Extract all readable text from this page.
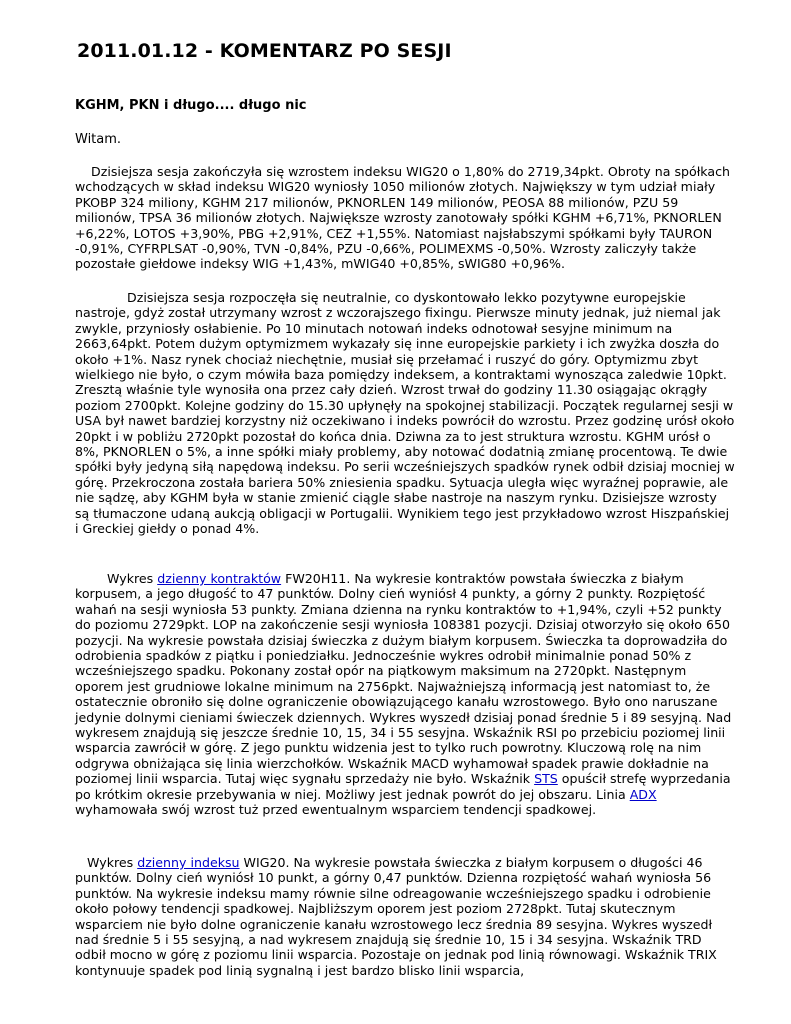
2011.01.12 - KOMENTARZ PO SESJI

KGHM, PKN i długo.... długo nic

Witam.

Dzisiejsza sesja zakończyła się wzrostem indeksu WIG20 o 1,80% do 2719,34pkt. Obroty na spółkach wchodzących w skład indeksu WIG20 wyniosły 1050 milionów złotych. Największy w tym udział miały PKOBP 324 miliony, KGHM 217 milionów, PKNORLEN 149 milionów, PEOSA 88 milionów, PZU 59 milionów, TPSA 36 milionów złotych. Największe wzrosty zanotowały spółki KGHM +6,71%, PKNORLEN +6,22%, LOTOS +3,90%, PBG +2,91%, CEZ +1,55%. Natomiast najsłabszymi spółkami były TAURON -0,91%, CYFRPLSAT -0,90%, TVN -0,84%, PZU -0,66%, POLIMEXMS -0,50%. Wzrosty zaliczyły także pozostałe giełdowe indeksy WIG +1,43%, mWIG40 +0,85%, sWIG80 +0,96%.

Dzisiejsza sesja rozpoczęła się neutralnie, co dyskontowało lekko pozytywne europejskie nastroje, gdyż został utrzymany wzrost z wczorajszego fixingu. Pierwsze minuty jednak, już niemal jak zwykle, przyniosły osłabienie. Po 10 minutach notowań indeks odnotował sesyjne minimum na 2663,64pkt. Potem dużym optymizmem wykazały się inne europejskie parkiety i ich zwyżka doszła do około +1%. Nasz rynek chociaż niechętnie, musiał się przełamać i ruszyć do góry. Optymizmu zbyt wielkiego nie było, o czym mówiła baza pomiędzy indeksem, a kontraktami wynosząca zaledwie 10pkt. Zresztą właśnie tyle wynosiła ona przez cały dzień. Wzrost trwał do godziny 11.30 osiągając okrągły poziom 2700pkt. Kolejne godziny do 15.30 upłynęły na spokojnej stabilizacji. Początek regularnej sesji w USA był nawet bardziej korzystny niż oczekiwano i indeks powrócił do wzrostu. Przez godzinę urósł około 20pkt i w pobliżu 2720pkt pozostał do końca dnia. Dziwna za to jest struktura wzrostu. KGHM urósł o 8%, PKNORLEN o 5%, a inne spółki miały problemy, aby notować dodatnią zmianę procentową. Te dwie spółki były jedyną siłą napędową indeksu. Po serii wcześniejszych spadków rynek odbił dzisiaj mocniej w górę. Przekroczona została bariera 50% zniesienia spadku. Sytuacja uległa więc wyraźnej poprawie, ale nie sądzę, aby KGHM była w stanie zmienić ciągle słabe nastroje na naszym rynku. Dzisiejsze wzrosty są tłumaczone udaną aukcją obligacji w Portugalii. Wynikiem tego jest przykładowo wzrost Hiszpańskiej i Greckiej giełdy o ponad 4%.

Wykres dzienny kontraktów FW20H11. Na wykresie kontraktów powstała świeczka z białym korpusem, a jego długość to 47 punktów. Dolny cień wyniósł 4 punkty, a górny 2 punkty. Rozpiętość wahań na sesji wyniosła 53 punkty. Zmiana dzienna na rynku kontraktów to +1,94%, czyli +52 punkty do poziomu 2729pkt. LOP na zakończenie sesji wyniosła 108381 pozycji. Dzisiaj otworzyło się około 650 pozycji. Na wykresie powstała dzisiaj świeczka z dużym białym korpusem. Świeczka ta doprowadziła do odrobienia spadków z piątku i poniedziałku. Jednocześnie wykres odrobił minimalnie ponad 50% z wcześniejszego spadku. Pokonany został opór na piątkowym maksimum na 2720pkt. Następnym oporem jest grudniowe lokalne minimum na 2756pkt. Najważniejszą informacją jest natomiast to, że ostatecznie obroniło się dolne ograniczenie obowiązującego kanału wzrostowego. Było ono naruszane jedynie dolnymi cieniami świeczek dziennych. Wykres wyszedł dzisiaj ponad średnie 5 i 89 sesyjną. Nad wykresem znajdują się jeszcze średnie 10, 15, 34 i 55 sesyjna. Wskaźnik RSI po przebiciu poziomej linii wsparcia zawrócił w górę. Z jego punktu widzenia jest to tylko ruch powrotny. Kluczową rolę na nim odgrywa obniżająca się linia wierzchołków. Wskaźnik MACD wyhamował spadek prawie dokładnie na poziomej linii wsparcia. Tutaj więc sygnału sprzedaży nie było. Wskaźnik STS opuścił strefę wyprzedania po krótkim okresie przebywania w niej. Możliwy jest jednak powrót do jej obszaru. Linia ADX wyhamowała swój wzrost tuż przed ewentualnym wsparciem tendencji spadkowej.

Wykres dzienny indeksu WIG20. Na wykresie powstała świeczka z białym korpusem o długości 46 punktów. Dolny cień wyniósł 10 punkt, a górny 0,47 punktów. Dzienna rozpiętość wahań wyniosła 56 punktów. Na wykresie indeksu mamy równie silne odreagowanie wcześniejszego spadku i odrobienie około połowy tendencji spadkowej. Najbliższym oporem jest poziom 2728pkt. Tutaj skutecznym wsparciem nie było dolne ograniczenie kanału wzrostowego lecz średnia 89 sesyjna. Wykres wyszedł nad średnie 5 i 55 sesyjną, a nad wykresem znajdują się średnie 10, 15 i 34 sesyjna. Wskaźnik TRD odbił mocno w górę z poziomu linii wsparcia. Pozostaje on jednak pod linią równowagi. Wskaźnik TRIX kontynuuje spadek pod linią sygnalną i jest bardzo blisko linii wsparcia,
